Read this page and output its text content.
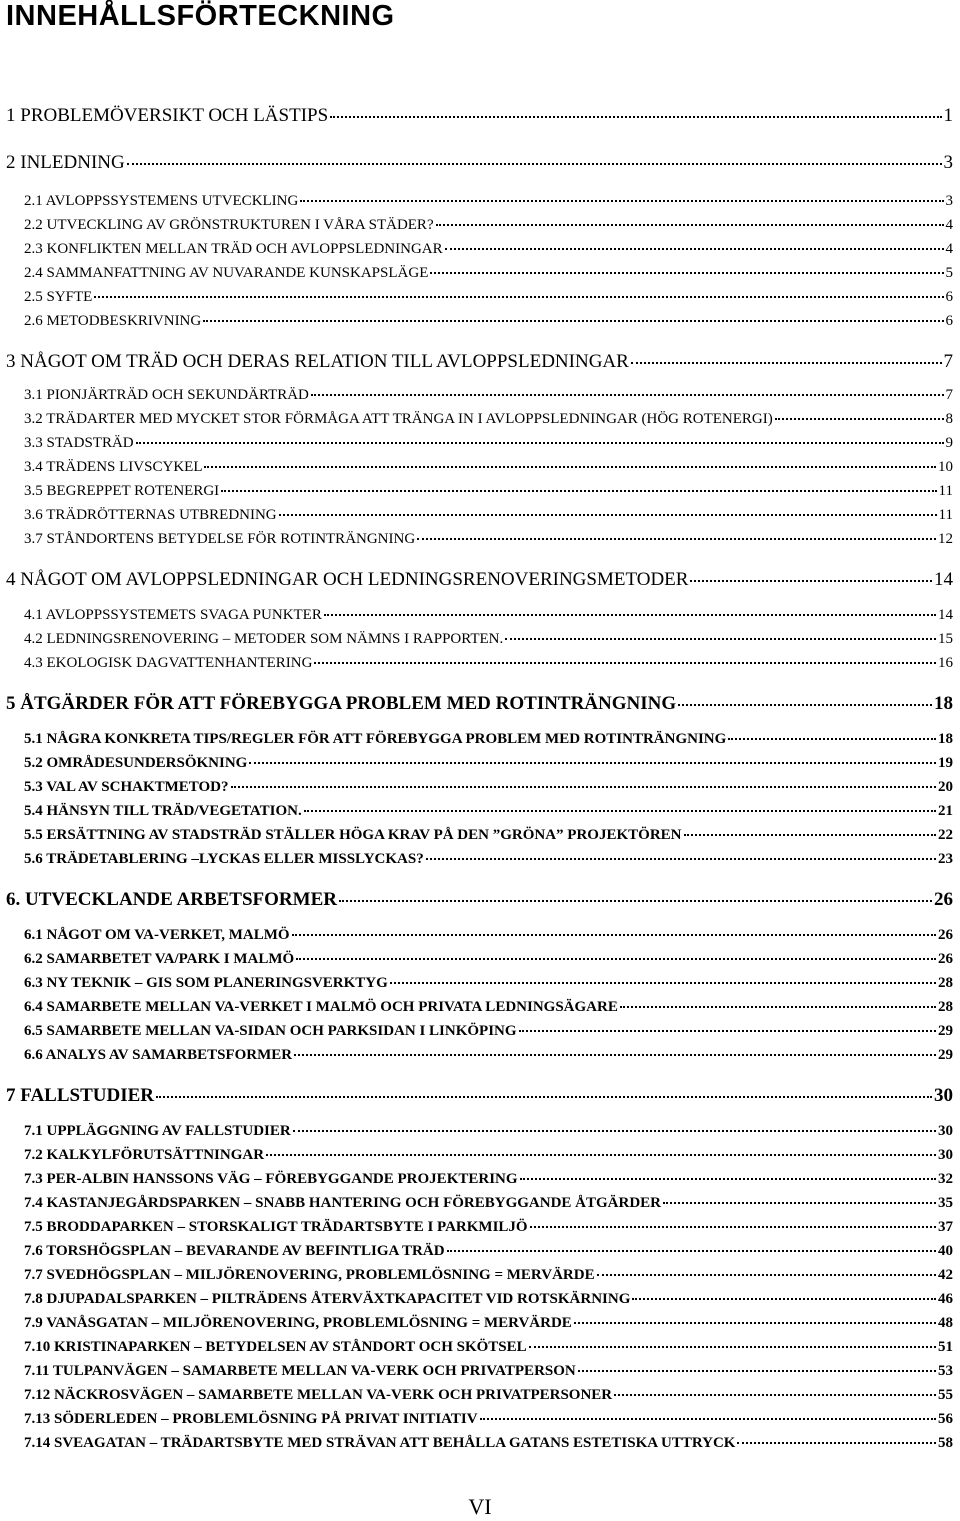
INNEHÅLLSFÖRTECKNING
1 PROBLEMÖVERSIKT OCH LÄSTIPS	1
2 INLEDNING	3
2.1 AVLOPPSSYSTEMENS UTVECKLING	3
2.2 UTVECKLING AV GRÖNSTRUKTUREN I VÅRA STÄDER?	4
2.3 KONFLIKTEN MELLAN TRÄD OCH AVLOPPSLEDNINGAR	4
2.4 SAMMANFATTNING AV NUVARANDE KUNSKAPSLÄGE	5
2.5 SYFTE	6
2.6 METODBESKRIVNING	6
3 NÅGOT OM TRÄD OCH DERAS RELATION TILL AVLOPPSLEDNINGAR	7
3.1 PIONJÄRTRÄD OCH SEKUNDÄRTRÄD	7
3.2 TRÄDARTER MED MYCKET STOR FÖRMÅGA ATT TRÄNGA IN I AVLOPPSLEDNINGAR (HÖG ROTENERGI)	8
3.3 STADSTRÄD	9
3.4 TRÄDENS LIVSCYKEL	10
3.5 BEGREPPET ROTENERGI	11
3.6 TRÄDRÖTTERNAS UTBREDNING	11
3.7 STÅNDORTENS BETYDELSE FÖR ROTINTRÄNGNING	12
4 NÅGOT OM AVLOPPSLEDNINGAR OCH LEDNINGSRENOVERINGSMETODER	14
4.1 AVLOPPSSYSTEMETS SVAGA PUNKTER	14
4.2 LEDNINGSRENOVERING – METODER SOM NÄMNS I RAPPORTEN.	15
4.3 EKOLOGISK DAGVATTENHANTERING	16
5 ÅTGÄRDER FÖR ATT FÖREBYGGA PROBLEM MED ROTINTRÄNGNING	18
5.1 NÅGRA KONKRETA TIPS/REGLER FÖR ATT FÖREBYGGA PROBLEM MED ROTINTRÄNGNING	18
5.2 OMRÅDESUNDERSÖKNING	19
5.3 VAL AV SCHAKTMETOD?	20
5.4 HÄNSYN TILL TRÄD/VEGETATION.	21
5.5 ERSÄTTNING AV STADSTRÄD STÄLLER HÖGA KRAV PÅ DEN ”GRÖNA” PROJEKTÖREN	22
5.6 TRÄDETABLERING –LYCKAS ELLER MISSLYCKAS?	23
6. UTVECKLANDE ARBETSFORMER	26
6.1 NÅGOT OM VA-VERKET, MALMÖ	26
6.2 SAMARBETET VA/PARK I MALMÖ	26
6.3 NY TEKNIK – GIS SOM PLANERINGSVERKTYG	28
6.4 SAMARBETE MELLAN VA-VERKET I MALMÖ OCH PRIVATA LEDNINGSÄGARE	28
6.5 SAMARBETE MELLAN VA-SIDAN OCH PARKSIDAN I LINKÖPING	29
6.6 ANALYS AV SAMARBETSFORMER	29
7 FALLSTUDIER	30
7.1 UPPLÄGGNING AV FALLSTUDIER	30
7.2 KALKYLFÖRUTSÄTTNINGAR	30
7.3 PER-ALBIN HANSSONS VÄG – FÖREBYGGANDE PROJEKTERING	32
7.4 KASTANJEGÅRDSPARKEN – SNABB HANTERING OCH FÖREBYGGANDE ÅTGÄRDER	35
7.5 BRODDAPARKEN – STORSKALIGT TRÄDARTSBYTE I PARKMILJÖ	37
7.6 TORSHÖGSPLAN – BEVARANDE AV BEFINTLIGA TRÄD	40
7.7 SVEDHÖGSPLAN – MILJÖRENOVERING, PROBLEMLÖSNING = MERVÄRDE	42
7.8 DJUPADALSPARKEN – PILTRÄDENS ÅTERVÄXTKAPACITET VID ROTSKÄRNING	46
7.9 VANÅSGATAN – MILJÖRENOVERING, PROBLEMLÖSNING = MERVÄRDE	48
7.10 KRISTINAPARKEN – BETYDELSEN AV STÅNDORT OCH SKÖTSEL	51
7.11 TULPANVÄGEN – SAMARBETE MELLAN VA-VERK OCH PRIVATPERSON	53
7.12 NÄCKROSVÄGEN – SAMARBETE MELLAN VA-VERK OCH PRIVATPERSONER	55
7.13 SÖDERLEDEN – PROBLEMLÖSNING PÅ PRIVAT INITIATIV	56
7.14 SVEAGATAN – TRÄDARTSBYTE MED STRÄVAN ATT BEHÅLLA GATANS ESTETISKA UTTRYCK	58
VI
